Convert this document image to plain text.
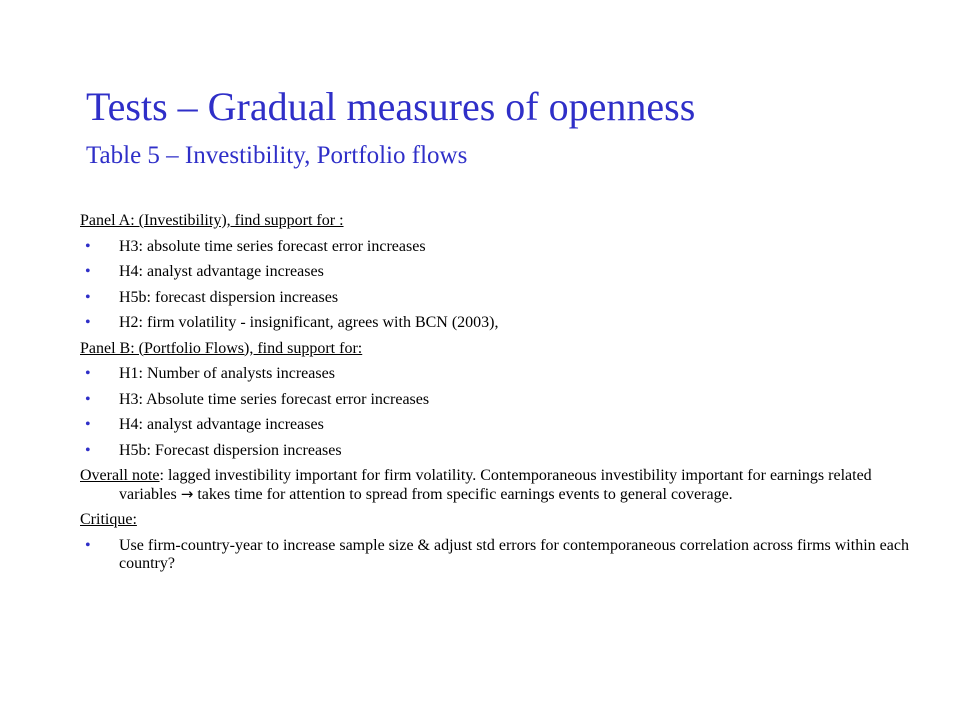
Tests – Gradual measures of openness
Table 5 – Investibility, Portfolio flows
Panel A: (Investibility), find support for :
• H3: absolute time series forecast error increases
• H4: analyst advantage increases
• H5b: forecast dispersion increases
• H2: firm volatility - insignificant, agrees with BCN (2003),
Panel B: (Portfolio Flows), find support for:
• H1: Number of analysts increases
• H3: Absolute time series forecast error increases
• H4: analyst advantage increases
• H5b: Forecast dispersion increases
Overall note: lagged investibility important for firm volatility. Contemporaneous investibility important for earnings related variables → takes time for attention to spread from specific earnings events to general coverage.
Critique:
• Use firm-country-year to increase sample size & adjust std errors for contemporaneous correlation across firms within each country?
